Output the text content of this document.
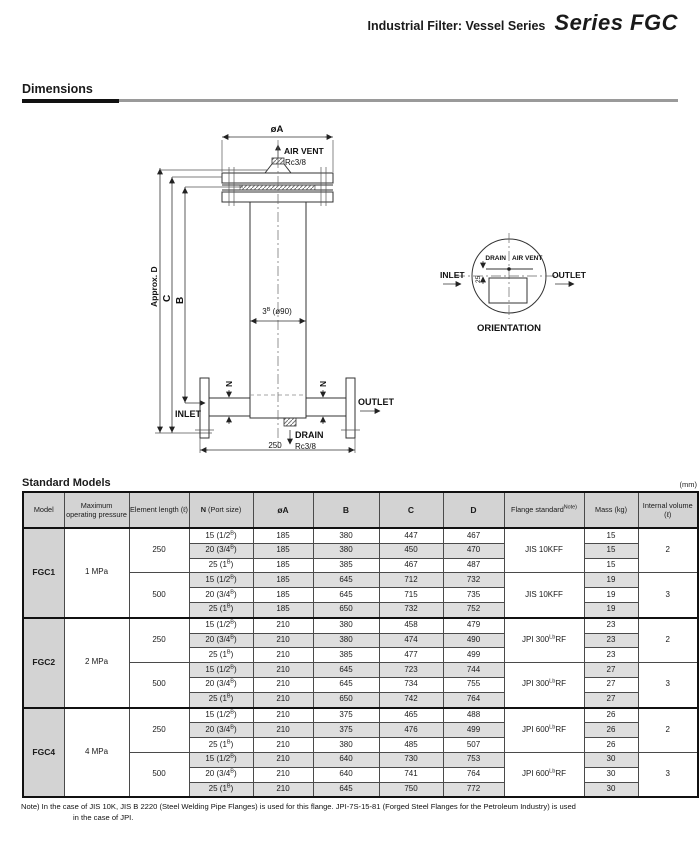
Industrial Filter: Vessel Series Series FGC
Dimensions
øA
AIR VENT
Rc3/8
$3^B$ (ø90)
Approx. D C B
N	N
INLET
OUTLET
DRAIN
Rc3/8
250
25
DRAIN AIR VENT
INLET	OUTLET
ORIENTATION
Standard Models	(mm)
Model	Maximum operating pressure	Element length (ℓ)	N (Port size)	øA	B	C	D	Flange standard$^{Note)}$	Mass (kg)	Internal volume (ℓ)
FGC1	1 MPa	250	15 $(1/2^B)$	185	380	447	467	JIS 10KFF	15	2
			20 $(3/4^B)$	185	380	450	470		15	
			25 $(1^B)$	185	385	467	487		15	
		500	15 $(1/2^B)$	185	645	712	732	JIS 10KFF	19	3
			20 $(3/4^B)$	185	645	715	735		19	
			25 $(1^B)$	185	650	732	752		19	
FGC2	2 MPa	250	15 $(1/2^B)$	210	380	458	479	JPI $300^{Lb}RF$	23	2
			20 $(3/4^B)$	210	380	474	490		23	
			25 $(1^B)$	210	385	477	499		23	
		500	15 $(1/2^B)$	210	645	723	744	JPI $300^{Lb}RF$	27	3
			20 $(3/4^B)$	210	645	734	755		27	
			25 $(1^B)$	210	650	742	764		27	
FGC4	4 MPa	250	15 $(1/2^B)$	210	375	465	488	JPI $600^{Lb}RF$	26	2
			20 $(3/4^B)$	210	375	476	499		26	
			25 $(1^B)$	210	380	485	507		26	
		500	15 $(1/2^B)$	210	640	730	753	JPI $600^{Lb}RF$	30	3
			20 $(3/4^B)$	210	640	741	764		30	
			25 $(1^B)$	210	645	750	772		30	
Note) In the case of JIS 10K, JIS B 2220 (Steel Welding Pipe Flanges) is used for this flange. JPI-7S-15-81 (Forged Steel Flanges for the Petroleum Industry) is used
in the case of JPI.
